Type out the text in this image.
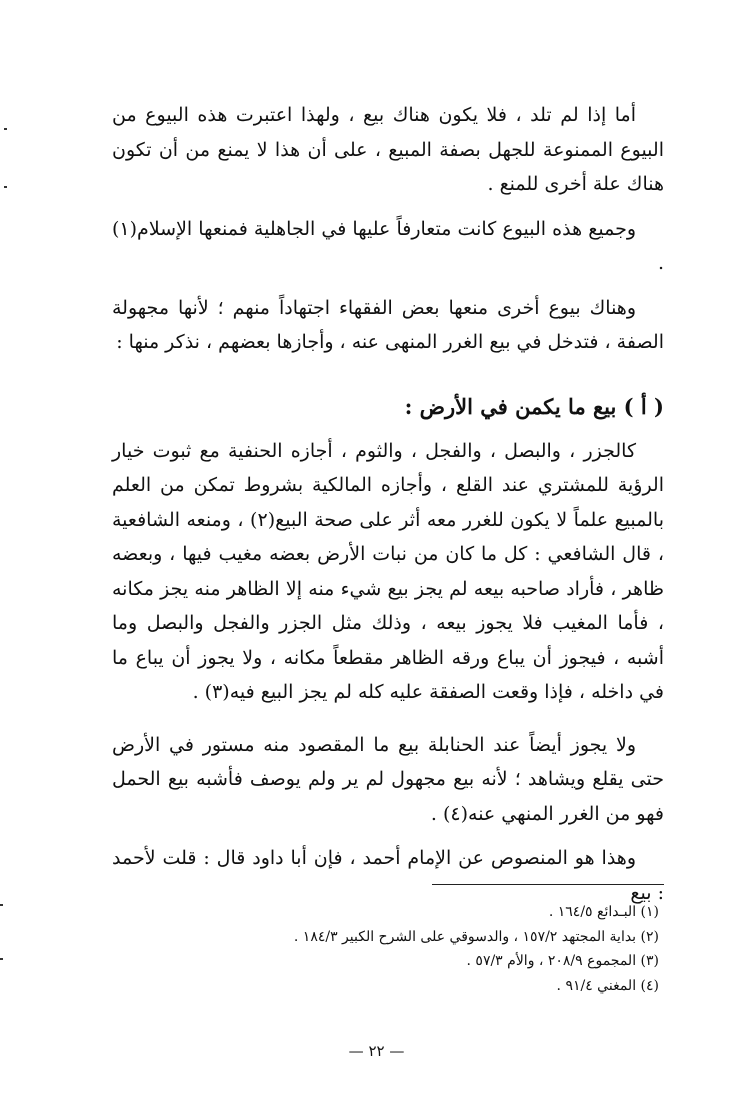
أما إذا لم تلد ، فلا يكون هناك بيع ، ولهذا اعتبرت هذه البيوع من البيوع الممنوعة للجهل بصفة المبيع ، على أن هذا لا يمنع من أن تكون هناك علة أخرى للمنع .

وجميع هذه البيوع كانت متعارفاً عليها في الجاهلية فمنعها الإسلام(١) .

وهناك بيوع أخرى منعها بعض الفقهاء اجتهاداً منهم ؛ لأنها مجهولة الصفة ، فتدخل في بيع الغرر المنهى عنه ، وأجازها بعضهم ، نذكر منها :

( أ ) بيع ما يكمن في الأرض :

كالجزر ، والبصل ، والفجل ، والثوم ، أجازه الحنفية مع ثبوت خيار الرؤية للمشتري عند القلع ، وأجازه المالكية بشروط تمكن من العلم بالمبيع علماً لا يكون للغرر معه أثر على صحة البيع(٢) ، ومنعه الشافعية ، قال الشافعي : كل ما كان من نبات الأرض بعضه مغيب فيها ، وبعضه ظاهر ، فأراد صاحبه بيعه لم يجز بيع شيء منه إلا الظاهر منه يجز مكانه ، فأما المغيب فلا يجوز بيعه ، وذلك مثل الجزر والفجل والبصل وما أشبه ، فيجوز أن يباع ورقه الظاهر مقطعاً مكانه ، ولا يجوز أن يباع ما في داخله ، فإذا وقعت الصفقة عليه كله لم يجز البيع فيه(٣) .

ولا يجوز أيضاً عند الحنابلة بيع ما المقصود منه مستور في الأرض حتى يقلع ويشاهد ؛ لأنه بيع مجهول لم ير ولم يوصف فأشبه بيع الحمل فهو من الغرر المنهي عنه(٤) .

وهذا هو المنصوص عن الإمام أحمد ، فإن أبا داود قال : قلت لأحمد : بيع

(١) البـدائع ١٦٤/٥ .

(٢) بداية المجتهد ١٥٧/٢ ، والدسوقي على الشرح الكبير ١٨٤/٣ .

(٣) المجموع ٢٠٨/٩ ، والأم ٥٧/٣ .

(٤) المغني ٩١/٤ .

— ٢٢ —
